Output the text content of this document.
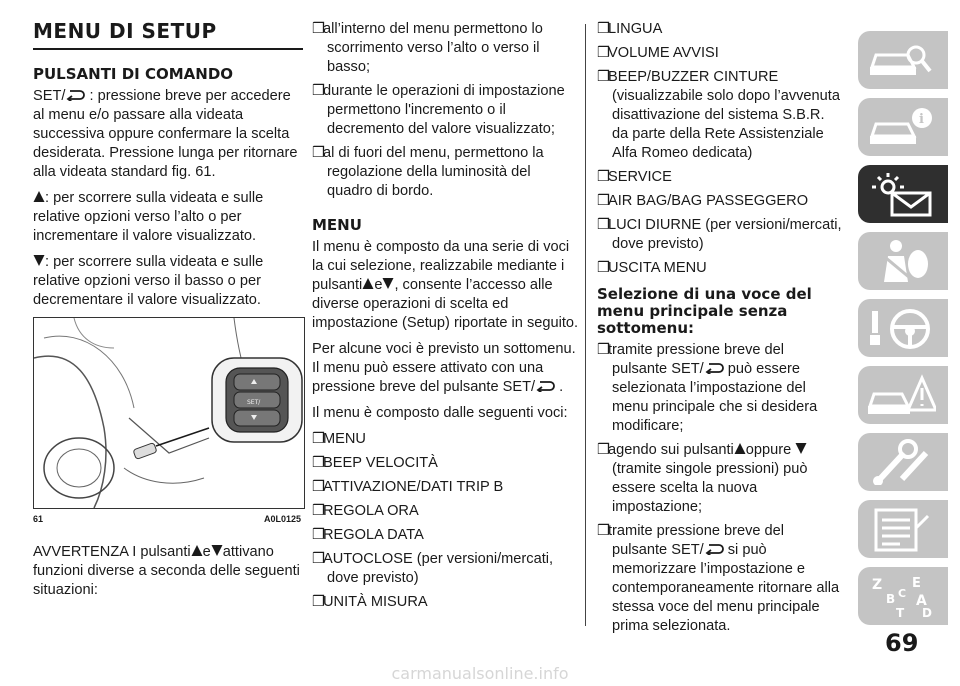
MENU DI SETUP
PULSANTI DI COMANDO

SET/ : pressione breve per accedere al menu e/o passare alla videata successiva oppure confermare la scelta desiderata. Pressione lunga per ritornare alla videata standard fig. 61.

: per scorrere sulla videata e sulle relative opzioni verso l’alto o per incrementare il valore visualizzato.

: per scorrere sulla videata e sulle relative opzioni verso il basso o per decrementare il valore visualizzato.

SET/
61	A0L0125

AVVERTENZA I pulsanti e attivano funzioni diverse a seconda delle seguenti situazioni:

❒all’interno del menu permettono lo scorrimento verso l’alto o verso il basso;
❒durante le operazioni di impostazione permettono l'incremento o il decremento del valore visualizzato;
❒al di fuori del menu, permettono la regolazione della luminosità del quadro di bordo.
MENU

Il menu è composto da una serie di voci la cui selezione, realizzabile mediante i pulsanti e , consente l’accesso alle diverse operazioni di scelta ed impostazione (Setup) riportate in seguito.

Per alcune voci è previsto un sottomenu. Il menu può essere attivato con una pressione breve del pulsante SET/ .

Il menu è composto dalle seguenti voci:

❒MENU
❒BEEP VELOCITÀ
❒ATTIVAZIONE/DATI TRIP B
❒REGOLA ORA
❒REGOLA DATA
❒AUTOCLOSE (per versioni/mercati, dove previsto)
❒UNITÀ MISURA
❒LINGUA
❒VOLUME AVVISI
❒BEEP/BUZZER CINTURE (visualizzabile solo dopo l’avvenuta disattivazione del sistema S.B.R. da parte della Rete Assistenziale Alfa Romeo dedicata)
❒SERVICE
❒AIR BAG/BAG PASSEGGERO
❒LUCI DIURNE (per versioni/mercati, dove previsto)
❒USCITA MENU
Selezione di una voce del menu principale senza sottomenu:
❒tramite pressione breve del pulsante SET/ può essere selezionata l’impostazione del menu principale che si desidera modificare;
❒agendo sui pulsanti oppure (tramite singole pressioni) può essere scelta la nuova impostazione;
❒tramite pressione breve del pulsante SET/ si può memorizzare l’impostazione e contemporaneamente ritornare alla stessa voce del menu principale prima selezionata.
i
Z E
B A
C
T D
69
carmanualsonline.info
